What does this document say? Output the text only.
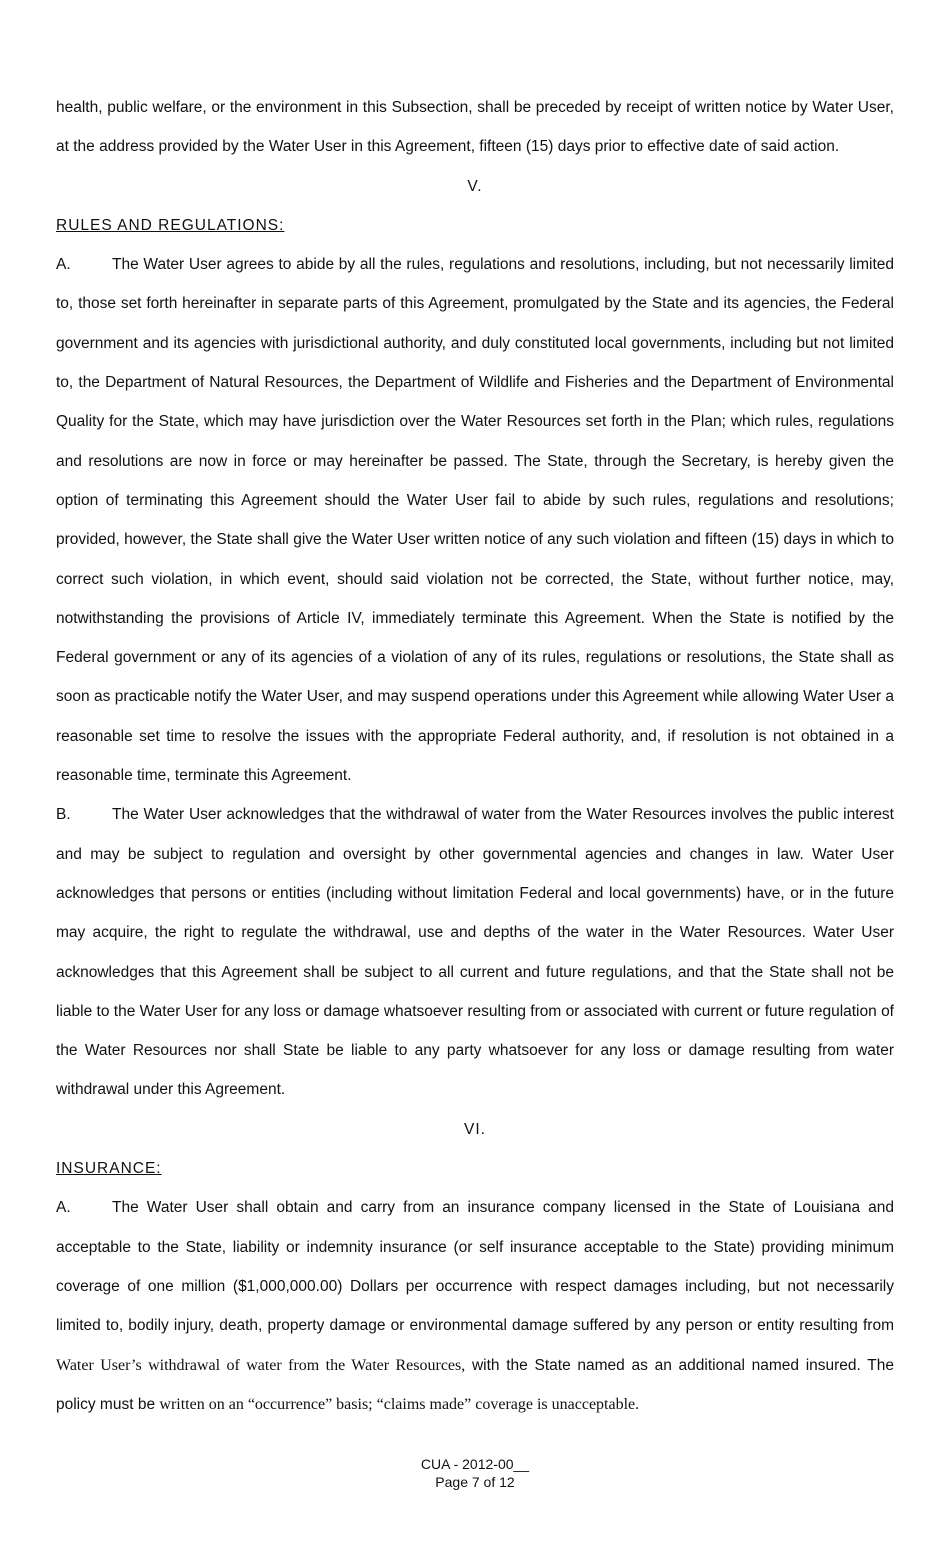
health, public welfare, or the environment in this Subsection, shall be preceded by receipt of written notice by Water User, at the address provided by the Water User in this Agreement, fifteen (15) days prior to effective date of said action.

V.

RULES AND REGULATIONS:

A.	The Water User agrees to abide by all the rules, regulations and resolutions, including, but not necessarily limited to, those set forth hereinafter in separate parts of this Agreement, promulgated by the State and its agencies, the Federal government and its agencies with jurisdictional authority, and duly constituted local governments, including but not limited to, the Department of Natural Resources, the Department of Wildlife and Fisheries and the Department of Environmental Quality for the State, which may have jurisdiction over the Water Resources set forth in the Plan; which rules, regulations and resolutions are now in force or may hereinafter be passed. The State, through the Secretary, is hereby given the option of terminating this Agreement should the Water User fail to abide by such rules, regulations and resolutions; provided, however, the State shall give the Water User written notice of any such violation and fifteen (15) days in which to correct such violation, in which event, should said violation not be corrected, the State, without further notice, may, notwithstanding the provisions of Article IV, immediately terminate this Agreement. When the State is notified by the Federal government or any of its agencies of a violation of any of its rules, regulations or resolutions, the State shall as soon as practicable notify the Water User, and may suspend operations under this Agreement while allowing Water User a reasonable set time to resolve the issues with the appropriate Federal authority, and, if resolution is not obtained in a reasonable time, terminate this Agreement.

B.	The Water User acknowledges that the withdrawal of water from the Water Resources involves the public interest and may be subject to regulation and oversight by other governmental agencies and changes in law. Water User acknowledges that persons or entities (including without limitation Federal and local governments) have, or in the future may acquire, the right to regulate the withdrawal, use and depths of the water in the Water Resources. Water User acknowledges that this Agreement shall be subject to all current and future regulations, and that the State shall not be liable to the Water User for any loss or damage whatsoever resulting from or associated with current or future regulation of the Water Resources nor shall State be liable to any party whatsoever for any loss or damage resulting from water withdrawal under this Agreement.

VI.

INSURANCE:

A.	The Water User shall obtain and carry from an insurance company licensed in the State of Louisiana and acceptable to the State, liability or indemnity insurance (or self insurance acceptable to the State) providing minimum coverage of one million ($1,000,000.00) Dollars per occurrence with respect damages including, but not necessarily limited to, bodily injury, death, property damage or environmental damage suffered by any person or entity resulting from Water User’s withdrawal of water from the Water Resources, with the State named as an additional named insured. The policy must be written on an “occurrence” basis; “claims made” coverage is unacceptable.

CUA - 2012-00__
Page 7 of 12
